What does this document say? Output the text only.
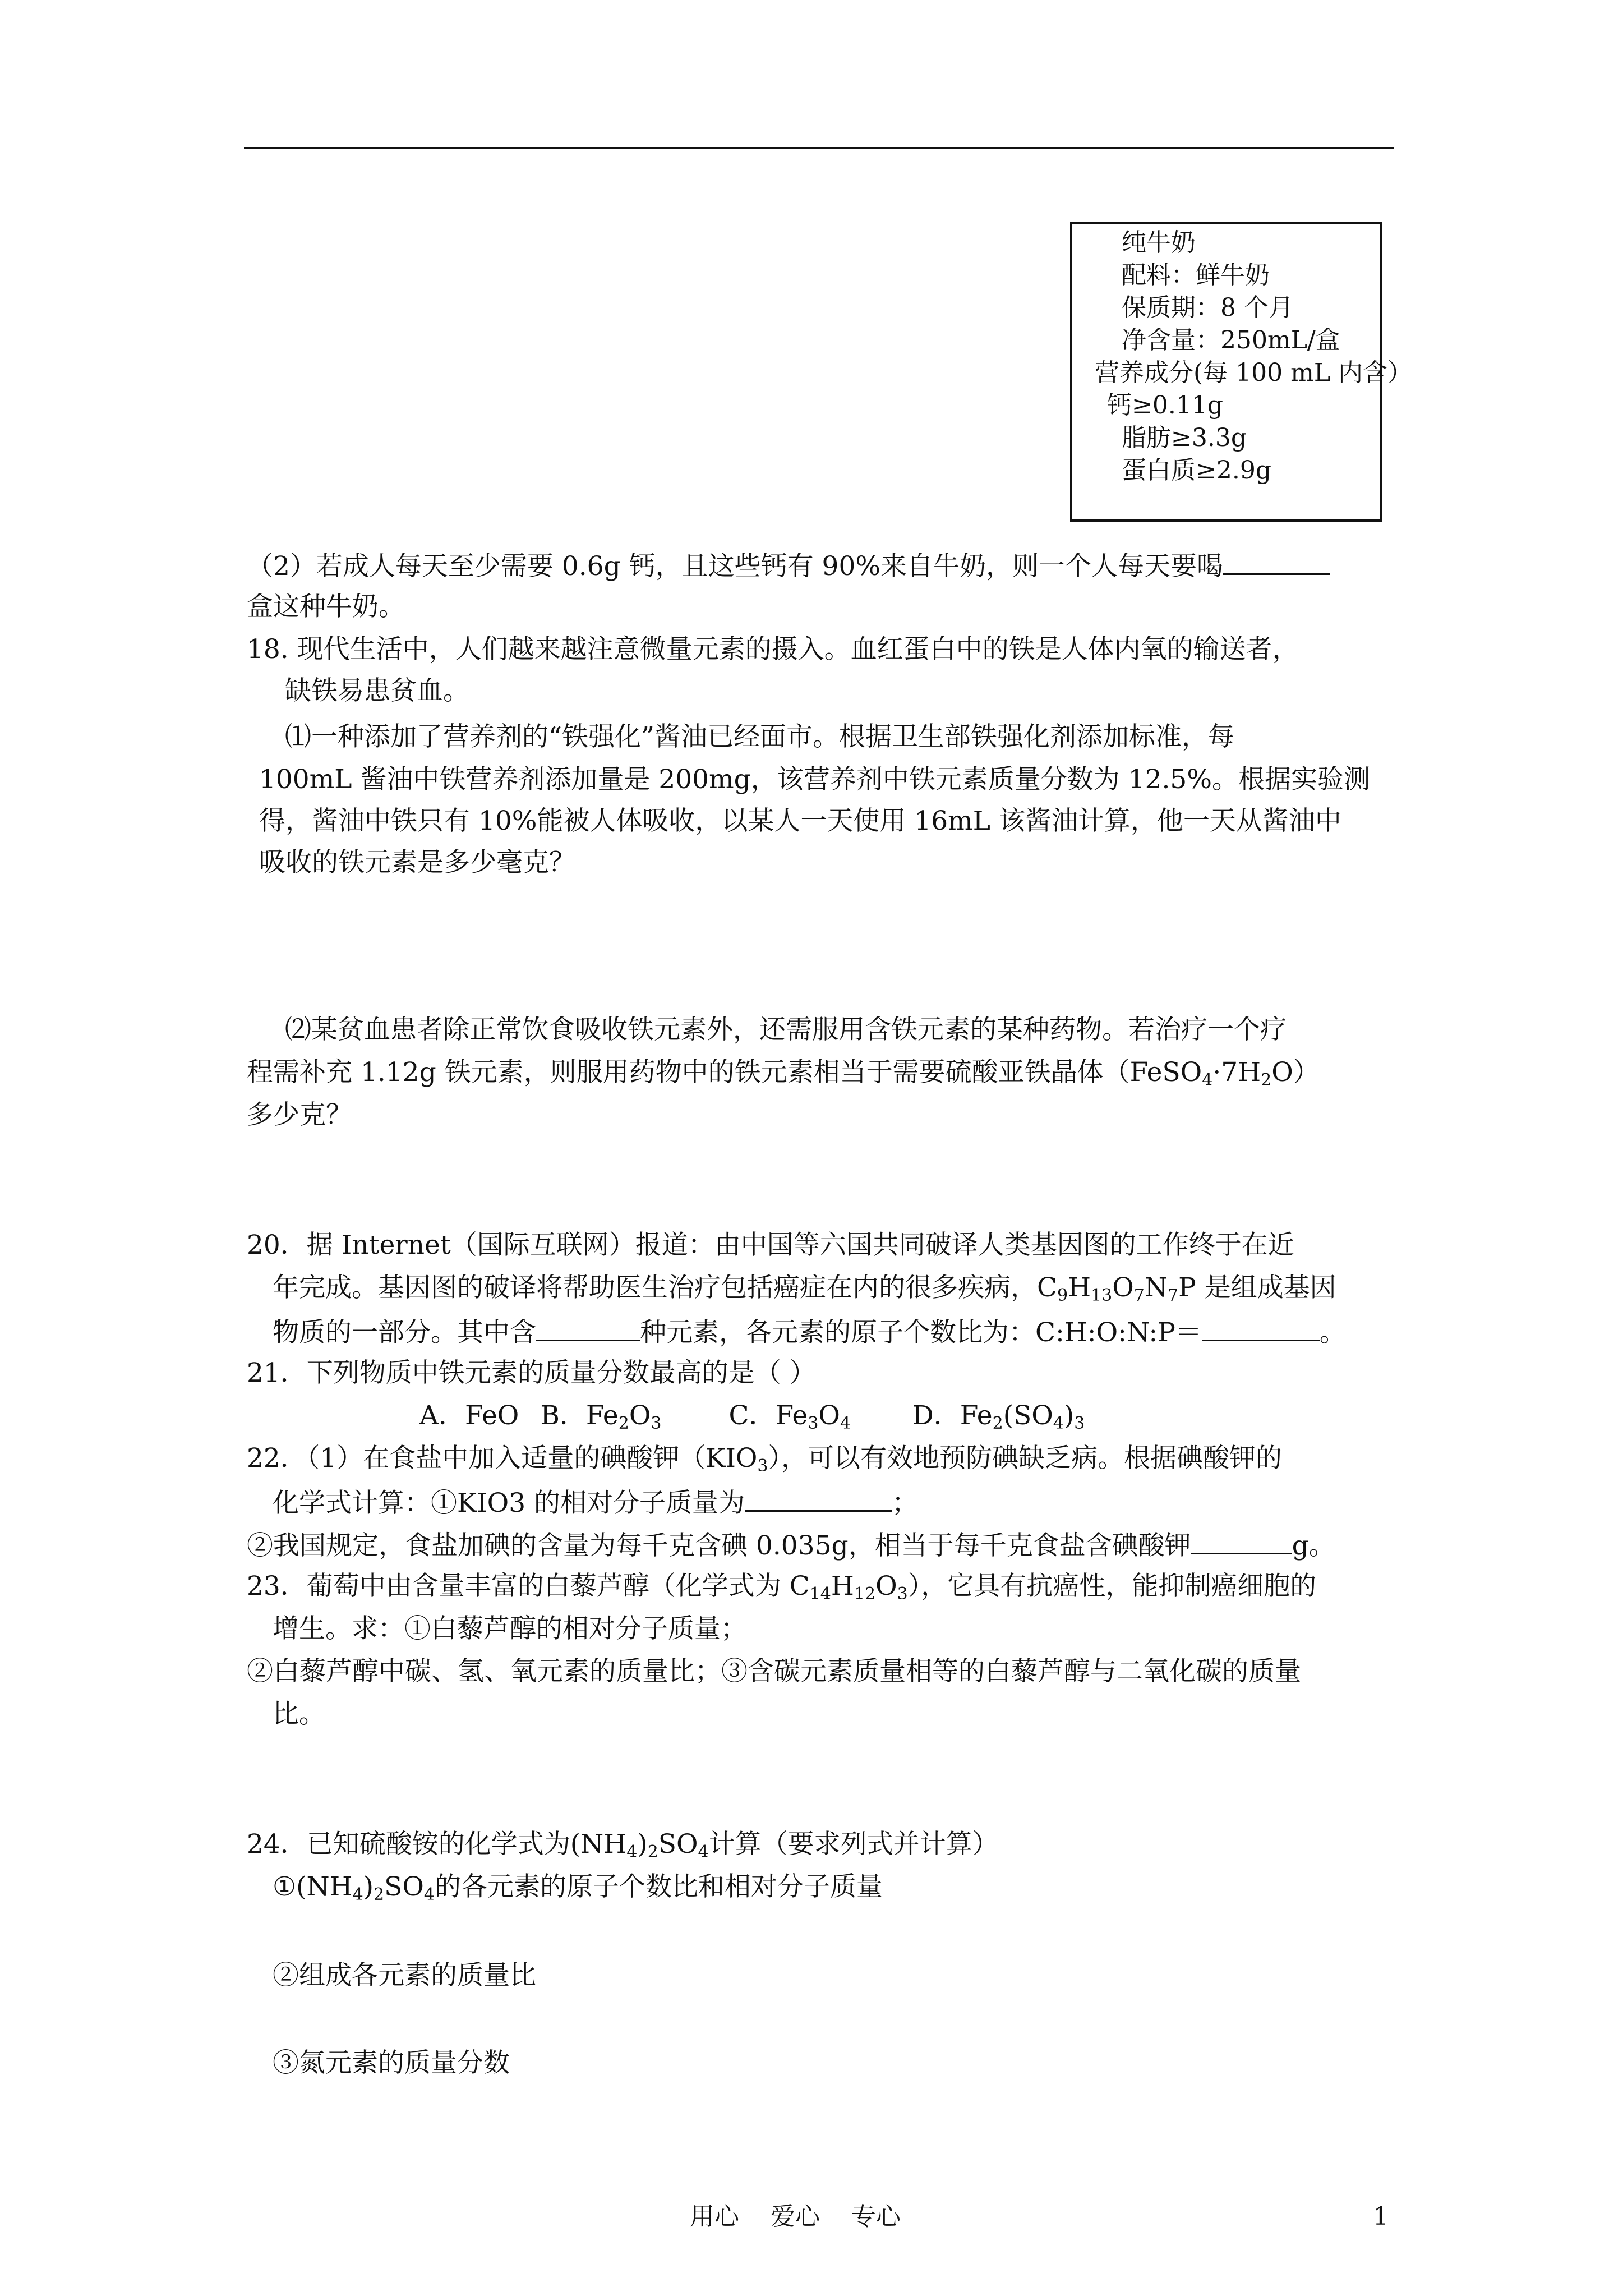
纯牛奶
配料：鲜牛奶
保质期：8 个月
净含量：250mL/盒
营养成分(每 100 mL 内含）
钙≥0.11g
脂肪≥3.3g
蛋白质≥2.9g
（2）若成人每天至少需要 0.6g 钙，且这些钙有 90%来自牛奶，则一个人每天要喝
盒这种牛奶。
18. 现代生活中，人们越来越注意微量元素的摄入。血红蛋白中的铁是人体内氧的输送者，
缺铁易患贫血。
⑴一种添加了营养剂的“铁强化”酱油已经面市。根据卫生部铁强化剂添加标准，每
100mL 酱油中铁营养剂添加量是 200mg，该营养剂中铁元素质量分数为 12.5%。根据实验测
得，酱油中铁只有 10%能被人体吸收，以某人一天使用 16mL 该酱油计算，他一天从酱油中
吸收的铁元素是多少毫克？
⑵某贫血患者除正常饮食吸收铁元素外，还需服用含铁元素的某种药物。若治疗一个疗
程需补充 1.12g 铁元素，则服用药物中的铁元素相当于需要硫酸亚铁晶体$(FeSO_4\cdot 7H_2O)$
多少克？
20．据 Internet（国际互联网）报道：由中国等六国共同破译人类基因图的工作终于在近
年完成。基因图的破译将帮助医生治疗包括癌症在内的很多疾病，$C_9H_{13}O_7N_7P$ 是组成基因
物质的一部分。其中含	种元素，各元素的原子个数比为：C:H:O:N:P＝	。
21．下列物质中铁元素的质量分数最高的是（ ）
A．FeO B．$Fe_2O_3$	C．$Fe_3O_4$ D．$Fe_2(SO_4)_3$
22．（1）在食盐中加入适量的碘酸钾$(KIO_3)$，可以有效地预防碘缺乏病。根据碘酸钾的
化学式计算：①KIO3 的相对分子质量为	；
②我国规定，食盐加碘的含量为每千克含碘 0.035g，相当于每千克食盐含碘酸钾	g。
23．葡萄中由含量丰富的白藜芦醇（化学式为 $C_{14}H_{12}O_3$），它具有抗癌性，能抑制癌细胞的
增生。求：①白藜芦醇的相对分子质量；
②白藜芦醇中碳、氢、氧元素的质量比；③含碳元素质量相等的白藜芦醇与二氧化碳的质量
比。
24．已知硫酸铵的化学式为$(NH_4)_2SO_4$计算（要求列式并计算）
$①(NH_4)_2SO_4$的各元素的原子个数比和相对分子质量
②组成各元素的质量比
③氮元素的质量分数
用心    爱心    专心	1
